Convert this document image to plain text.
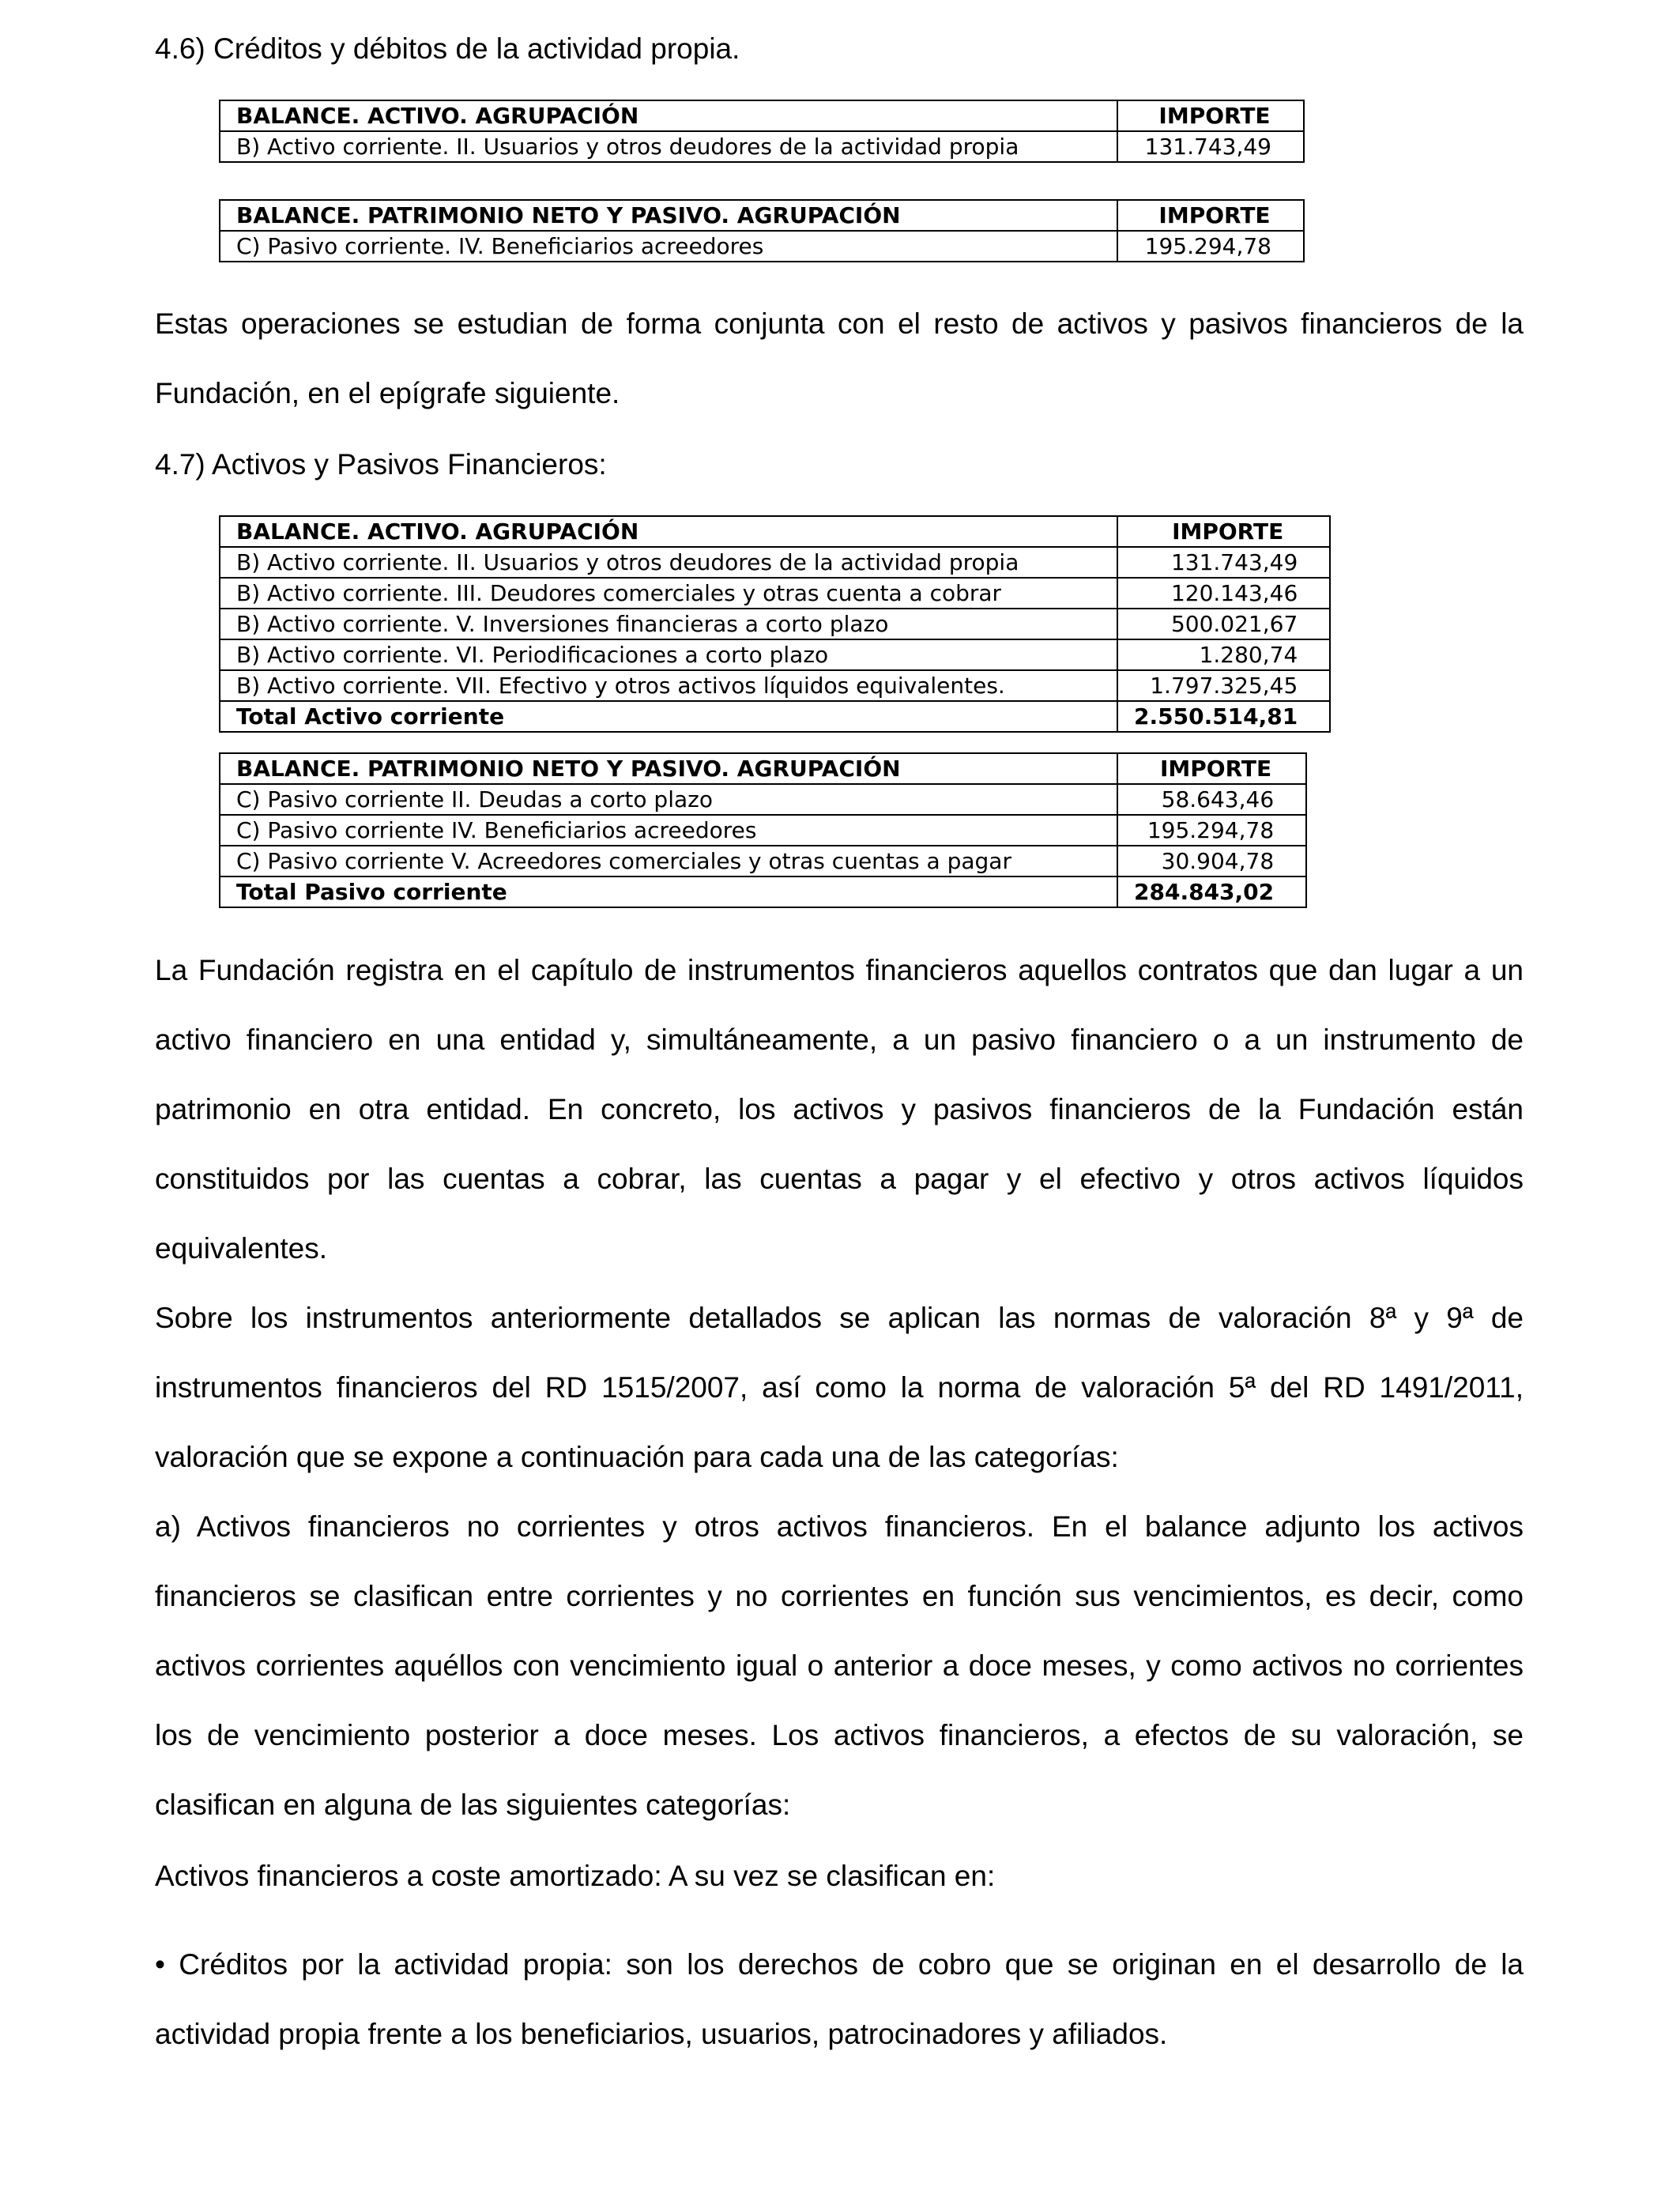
4.6) Créditos y débitos de la actividad propia.
BALANCE. ACTIVO. AGRUPACIÓN	IMPORTE
B) Activo corriente. II. Usuarios y otros deudores de la actividad propia	131.743,49
BALANCE. PATRIMONIO NETO Y PASIVO. AGRUPACIÓN	IMPORTE
C) Pasivo corriente. IV. Beneficiarios acreedores	195.294,78

Estas operaciones se estudian de forma conjunta con el resto de activos y pasivos financieros de la Fundación, en el epígrafe siguiente.

4.7) Activos y Pasivos Financieros:
BALANCE. ACTIVO. AGRUPACIÓN	IMPORTE
B) Activo corriente. II. Usuarios y otros deudores de la actividad propia	131.743,49
B) Activo corriente. III. Deudores comerciales y otras cuenta a cobrar	120.143,46
B) Activo corriente. V. Inversiones financieras a corto plazo	500.021,67
B) Activo corriente. VI. Periodificaciones a corto plazo	1.280,74
B) Activo corriente. VII. Efectivo y otros activos líquidos equivalentes.	1.797.325,45
Total Activo corriente	2.550.514,81
BALANCE. PATRIMONIO NETO Y PASIVO. AGRUPACIÓN	IMPORTE
C) Pasivo corriente II. Deudas a corto plazo	58.643,46
C) Pasivo corriente IV. Beneficiarios acreedores	195.294,78
C) Pasivo corriente V. Acreedores comerciales y otras cuentas a pagar	30.904,78
Total Pasivo corriente	284.843,02

La Fundación registra en el capítulo de instrumentos financieros aquellos contratos que dan lugar a un activo financiero en una entidad y, simultáneamente, a un pasivo financiero o a un instrumento de patrimonio en otra entidad. En concreto, los activos y pasivos financieros de la Fundación están constituidos por las cuentas a cobrar, las cuentas a pagar y el efectivo y otros activos líquidos equivalentes.

Sobre los instrumentos anteriormente detallados se aplican las normas de valoración 8ª y 9ª de instrumentos financieros del RD 1515/2007, así como la norma de valoración 5ª del RD 1491/2011, valoración que se expone a continuación para cada una de las categorías:

a) Activos financieros no corrientes y otros activos financieros. En el balance adjunto los activos financieros se clasifican entre corrientes y no corrientes en función sus vencimientos, es decir, como activos corrientes aquéllos con vencimiento igual o anterior a doce meses, y como activos no corrientes los de vencimiento posterior a doce meses. Los activos financieros, a efectos de su valoración, se clasifican en alguna de las siguientes categorías:

Activos financieros a coste amortizado: A su vez se clasifican en:

• Créditos por la actividad propia: son los derechos de cobro que se originan en el desarrollo de la actividad propia frente a los beneficiarios, usuarios, patrocinadores y afiliados.
